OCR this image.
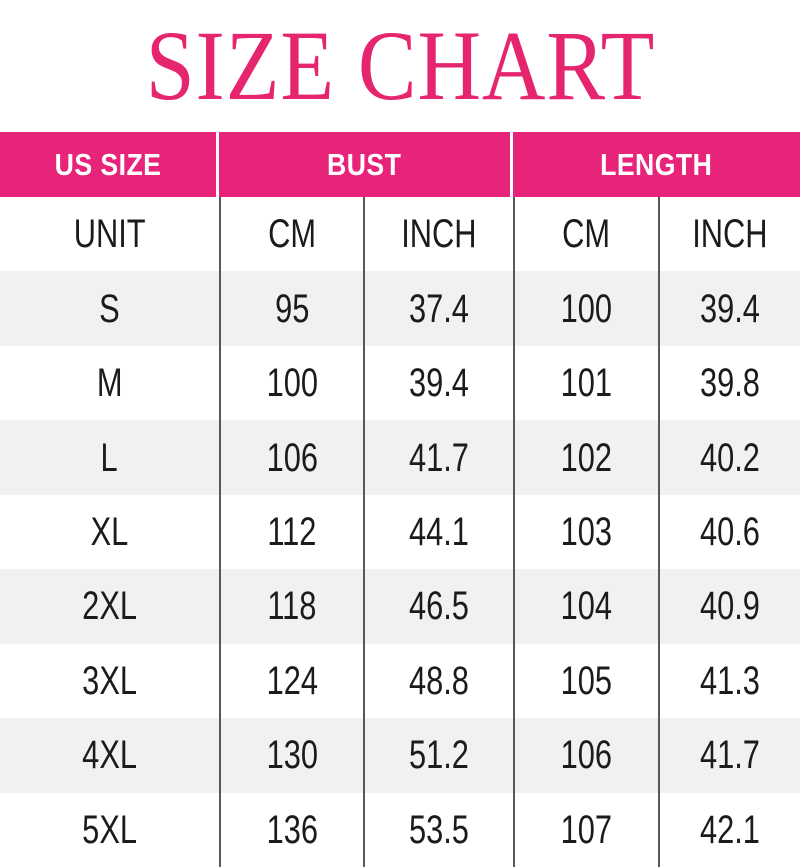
SIZE CHART
US SIZE	BUST	LENGTH
UNIT	CM INCH CM INCH
S	95 37.4 100 39.4
M	100 39.4 101 39.8
L	106 41.7 102 40.2
XL	112 44.1 103 40.6
2XL	118 46.5 104 40.9
3XL	124 48.8 105 41.3
4XL	130 51.2 106 41.7
5XL	136 53.5 107 42.1
